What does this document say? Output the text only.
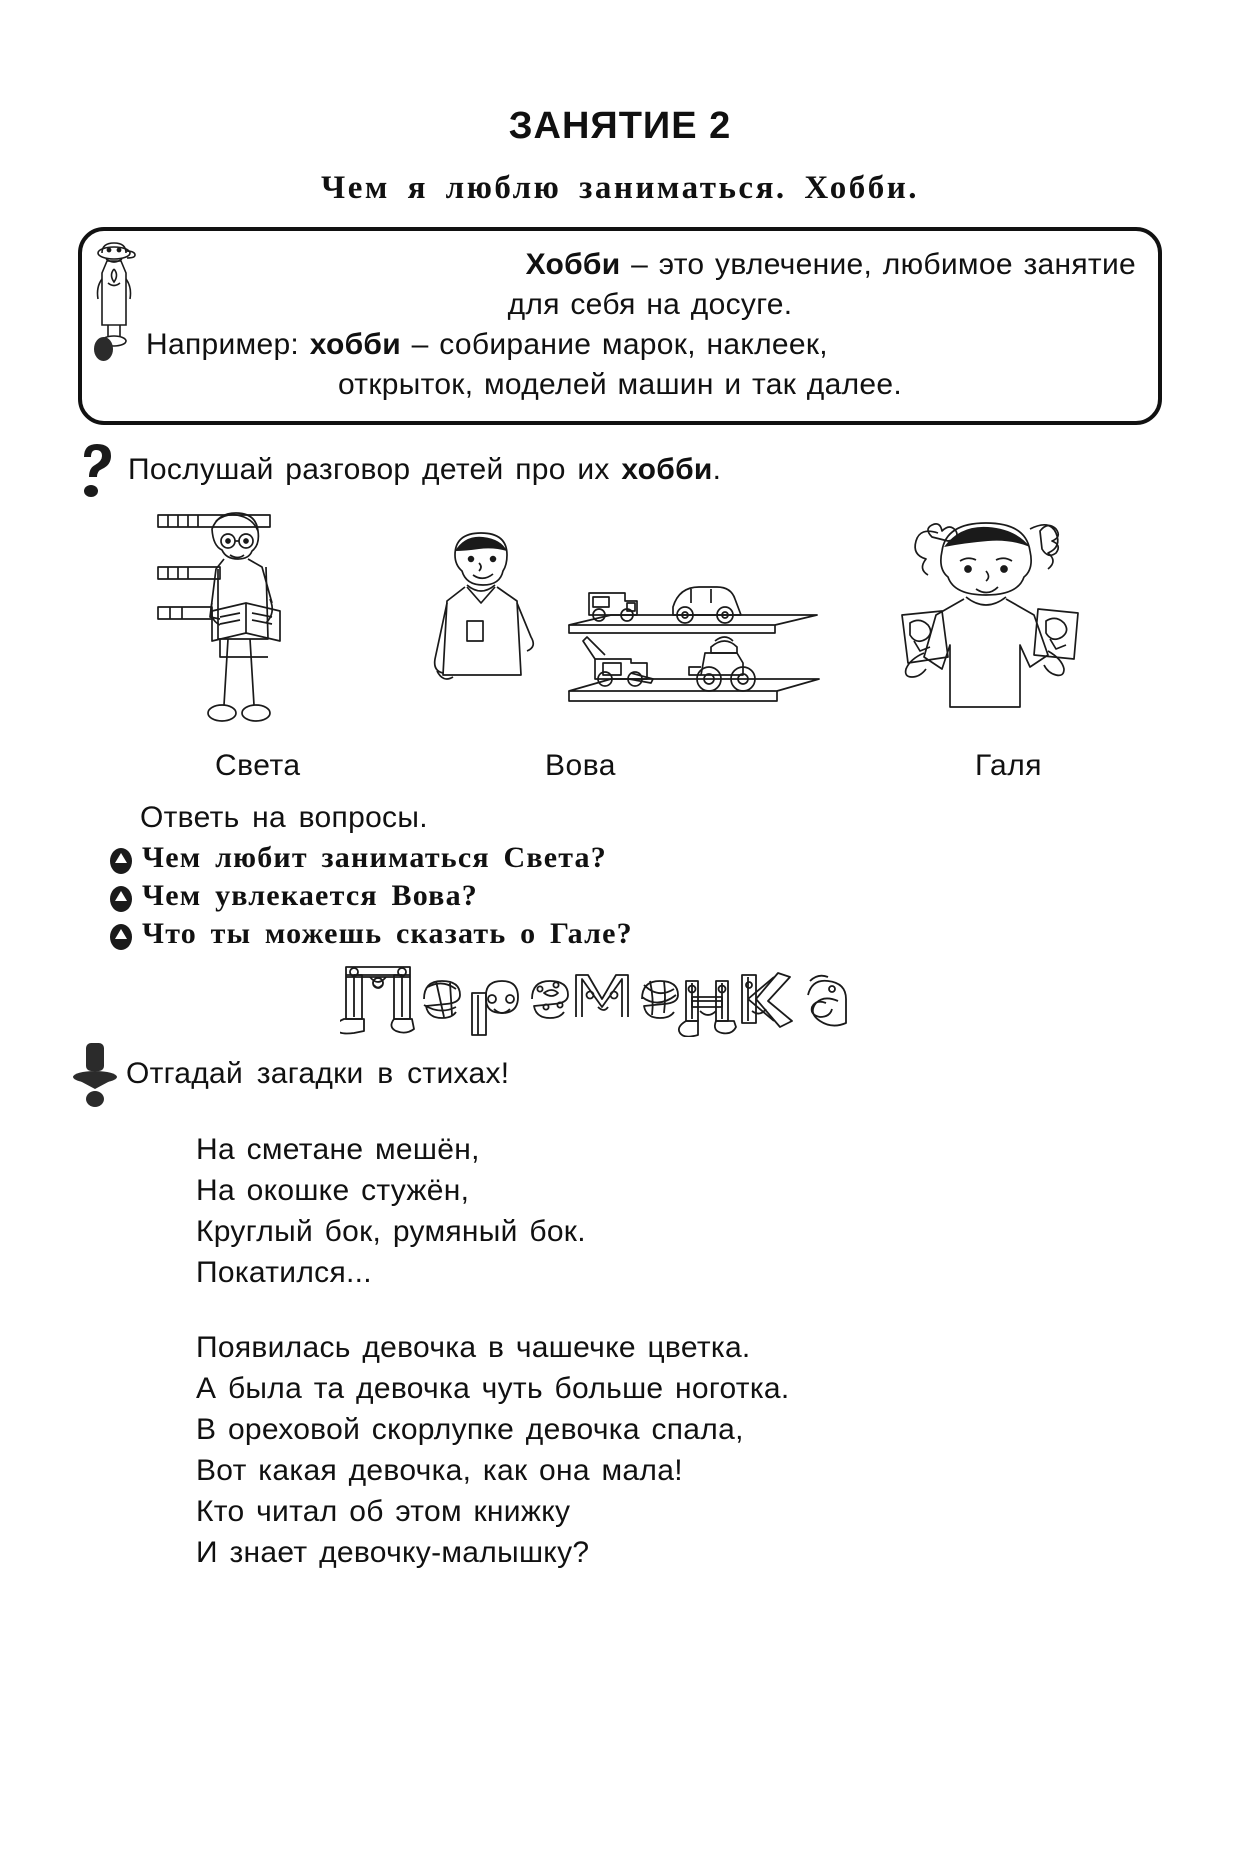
ЗАНЯТИЕ 2
Чем я люблю заниматься. Хобби.
Хобби – это увлечение, любимое занятие
для себя на досуге.
Например: хобби – собирание марок, наклеек,
открыток, моделей машин и так далее.
Послушай разговор детей про их хобби.
Света	Вова	Галя
Ответь на вопросы.
Чем любит заниматься Света?
Чем увлекается Вова?
Что ты можешь сказать о Гале?
Отгадай загадки в стихах!
На сметане мешён,
На окошке стужён,
Круглый бок, румяный бок.
Покатился...
Появилась девочка в чашечке цветка.
А была та девочка чуть больше ноготка.
В ореховой скорлупке девочка спала,
Вот какая девочка, как она мала!
Кто читал об этом книжку
И знает девочку-малышку?
